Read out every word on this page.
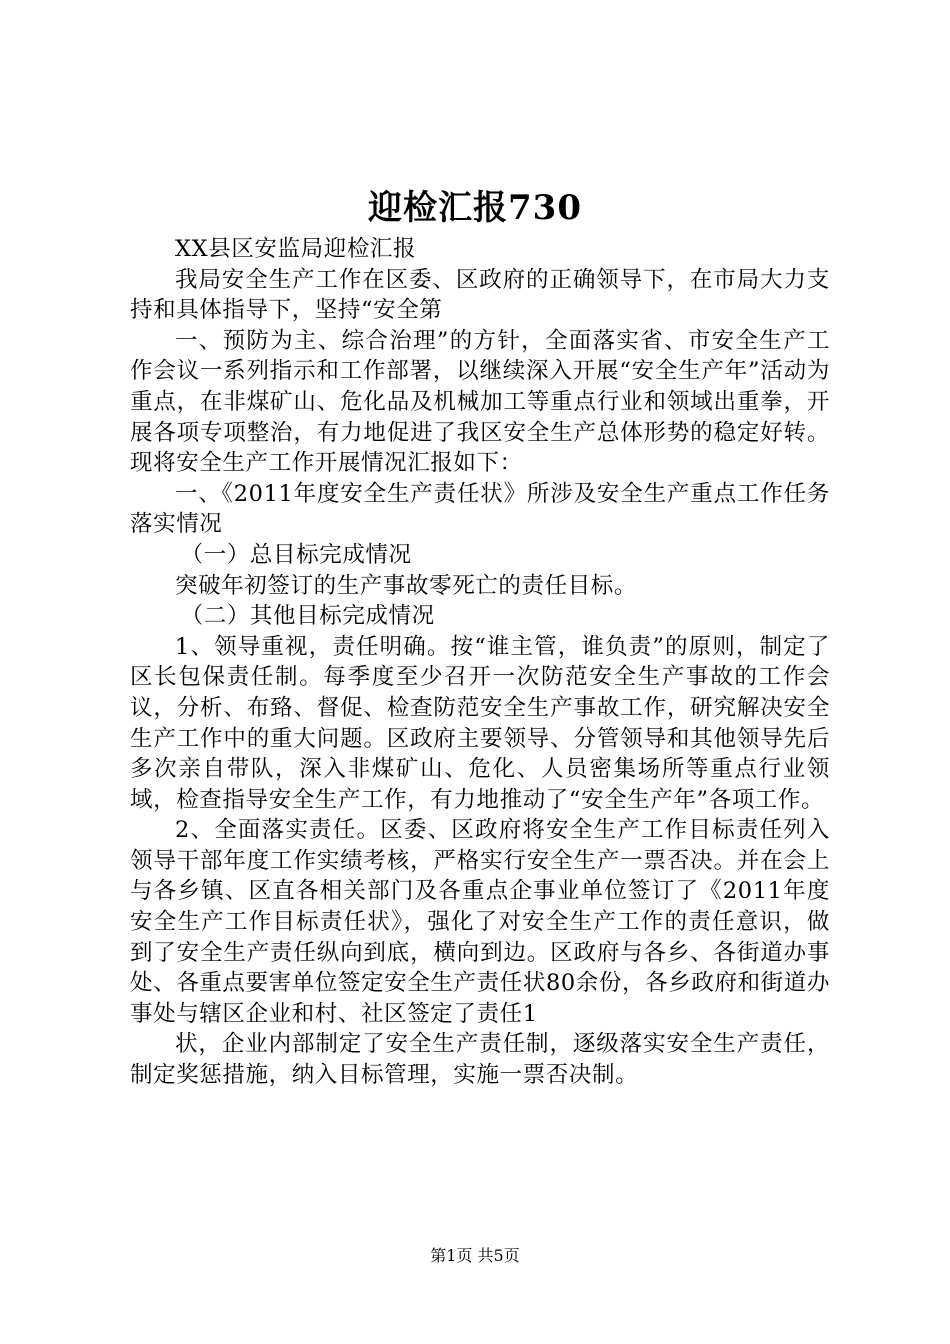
迎检汇报730

XX县区安监局迎检汇报

我局安全生产工作在区委、区政府的正确领导下，在市局大力支持和具体指导下，坚持“安全第

一、预防为主、综合治理”的方针，全面落实省、市安全生产工作会议一系列指示和工作部署，以继续深入开展“安全生产年”活动为重点，在非煤矿山、危化品及机械加工等重点行业和领域出重拳，开展各项专项整治，有力地促进了我区安全生产总体形势的稳定好转。现将安全生产工作开展情况汇报如下：

一、《2011年度安全生产责任状》所涉及安全生产重点工作任务落实情况

（一）总目标完成情况

突破年初签订的生产事故零死亡的责任目标。

（二）其他目标完成情况

1、领导重视，责任明确。按“谁主管，谁负责”的原则，制定了区长包保责任制。每季度至少召开一次防范安全生产事故的工作会议，分析、布臵、督促、检查防范安全生产事故工作，研究解决安全生产工作中的重大问题。区政府主要领导、分管领导和其他领导先后多次亲自带队，深入非煤矿山、危化、人员密集场所等重点行业领域，检查指导安全生产工作，有力地推动了“安全生产年”各项工作。

2、全面落实责任。区委、区政府将安全生产工作目标责任列入领导干部年度工作实绩考核，严格实行安全生产一票否决。并在会上与各乡镇、区直各相关部门及各重点企事业单位签订了《2011年度安全生产工作目标责任状》，强化了对安全生产工作的责任意识，做到了安全生产责任纵向到底，横向到边。区政府与各乡、各街道办事处、各重点要害单位签定安全生产责任状80余份，各乡政府和街道办事处与辖区企业和村、社区签定了责任1

状，企业内部制定了安全生产责任制，逐级落实安全生产责任，制定奖惩措施，纳入目标管理，实施一票否决制。

第1页 共5页
